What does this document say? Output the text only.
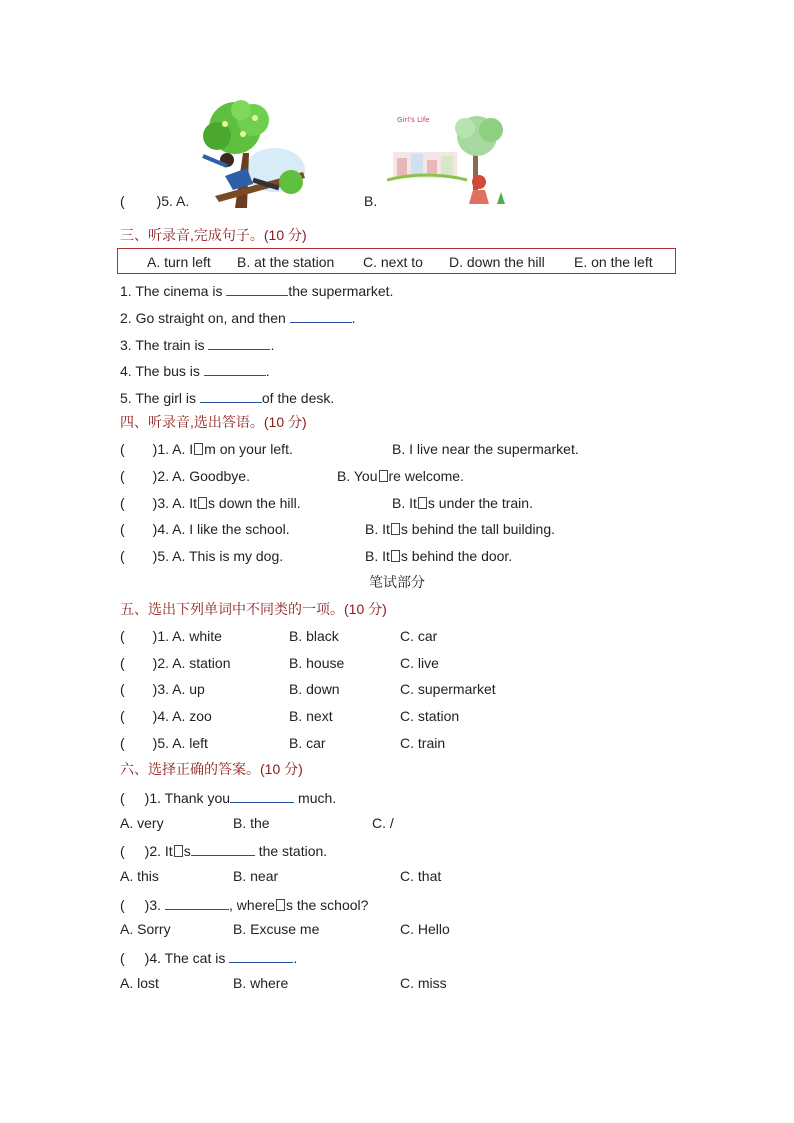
( )5. A.	B.
Girl's Life
三、听录音,完成句子。(10 分)
A. turn left B. at the station C. next to D. down the hill E. on the left
1. The cinema is	the supermarket.
2. Go straight on, and then	.
3. The train is	.
4. The bus is	.
5. The girl is	of the desk.
四、听录音,选出答语。(10 分)
( )1. A. I m on your left.	B. I live near the supermarket.
( )2. A. Goodbye.	B. You re welcome.
( )3. A. It s down the hill.	B. It s under the train.
( )4. A. I like the school.	B. It s behind the tall building.
( )5. A. This is my dog.	B. It s behind the door.
笔试部分
五、选出下列单词中不同类的一项。(10 分)
( )1. A. white	B. black	C. car
( )2. A. station	B. house	C. live
( )3. A. up	B. down	C. supermarket
( )4. A. zoo	B. next	C. station
( )5. A. left	B. car	C. train
六、选择正确的答案。(10 分)
( )1. Thank you	much.
A. very	B. the	C. /
( )2. It s	the station.
A. this	B. near	C. that
( )3.	, where s the school?
A. Sorry	B. Excuse me	C. Hello
( )4. The cat is	.
A. lost	B. where	C. miss
